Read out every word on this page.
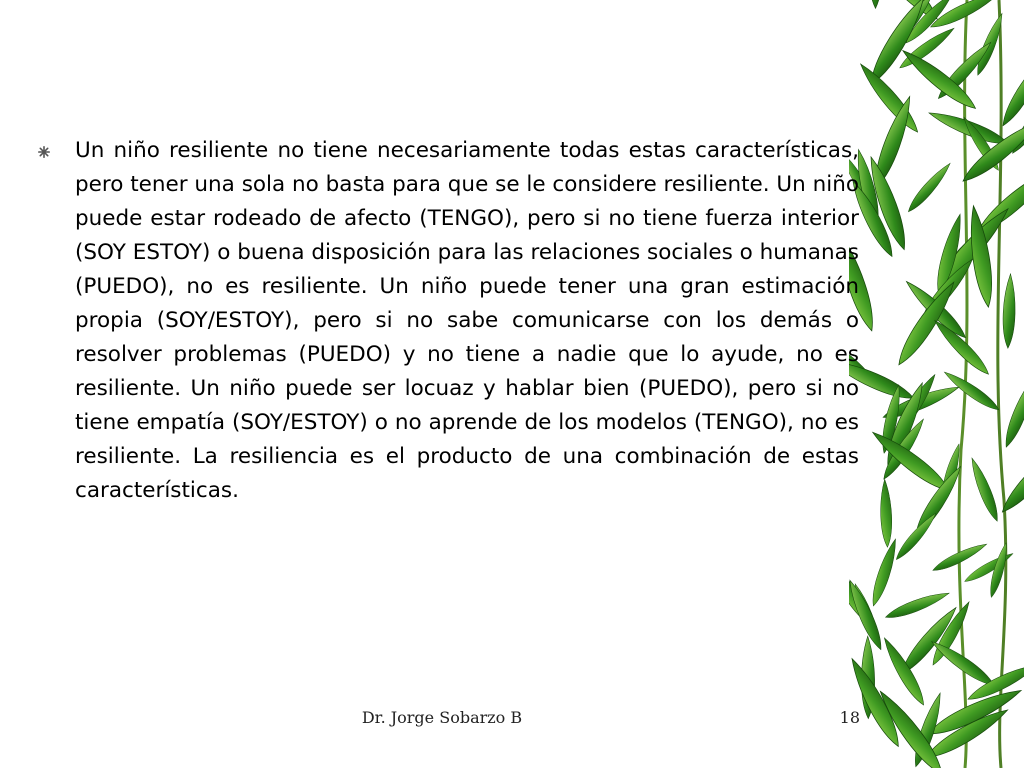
Un niño resiliente no tiene necesariamente todas estas características, pero tener una sola no basta para que se le considere resiliente. Un niño puede estar rodeado de afecto (TENGO), pero si no tiene fuerza interior (SOY ESTOY) o buena disposición para las relaciones sociales o humanas (PUEDO), no es resiliente. Un niño puede tener una gran estimación propia (SOY/ESTOY), pero si no sabe comunicarse con los demás o resolver problemas (PUEDO) y no tiene a nadie que lo ayude, no es resiliente. Un niño puede ser locuaz y hablar bien (PUEDO), pero si no tiene empatía (SOY/ESTOY) o no aprende de los modelos (TENGO), no es resiliente. La resiliencia es el producto de una combinación de estas características.

Dr. Jorge Sobarzo B	18
